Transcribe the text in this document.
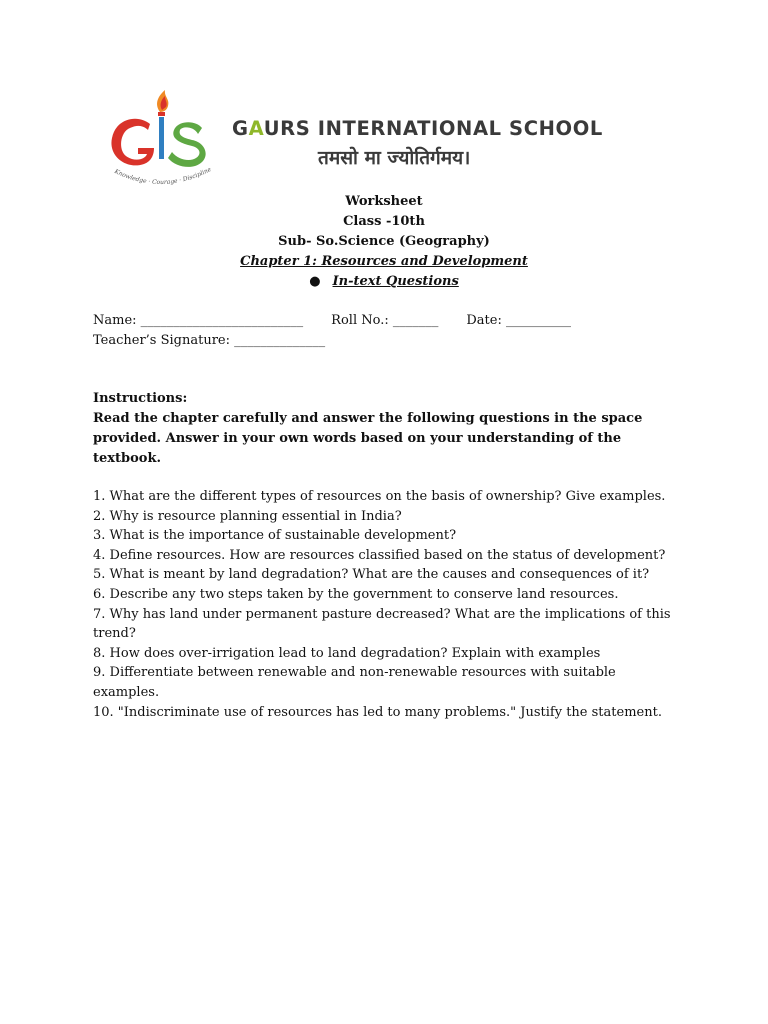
Knowledge · Courage · Discipline
GAURS INTERNATIONAL SCHOOL
तमसो मा ज्योतिर्गमय।
Worksheet
Class -10th
Sub- So.Science (Geography)
Chapter 1: Resources and Development
● In-text Questions
Name: _________________________ Roll No.: _______ Date: __________
Teacher’s Signature: ______________
Instructions:
Read the chapter carefully and answer the following questions in the space
provided. Answer in your own words based on your understanding of the
textbook.
1. What are the different types of resources on the basis of ownership? Give examples.
2. Why is resource planning essential in India?
3. What is the importance of sustainable development?
4. Define resources. How are resources classified based on the status of development?
5. What is meant by land degradation? What are the causes and consequences of it?
6. Describe any two steps taken by the government to conserve land resources.
7. Why has land under permanent pasture decreased? What are the implications of this
trend?
8. How does over-irrigation lead to land degradation? Explain with examples
9. Differentiate between renewable and non-renewable resources with suitable
examples.
10. "Indiscriminate use of resources has led to many problems." Justify the statement.
